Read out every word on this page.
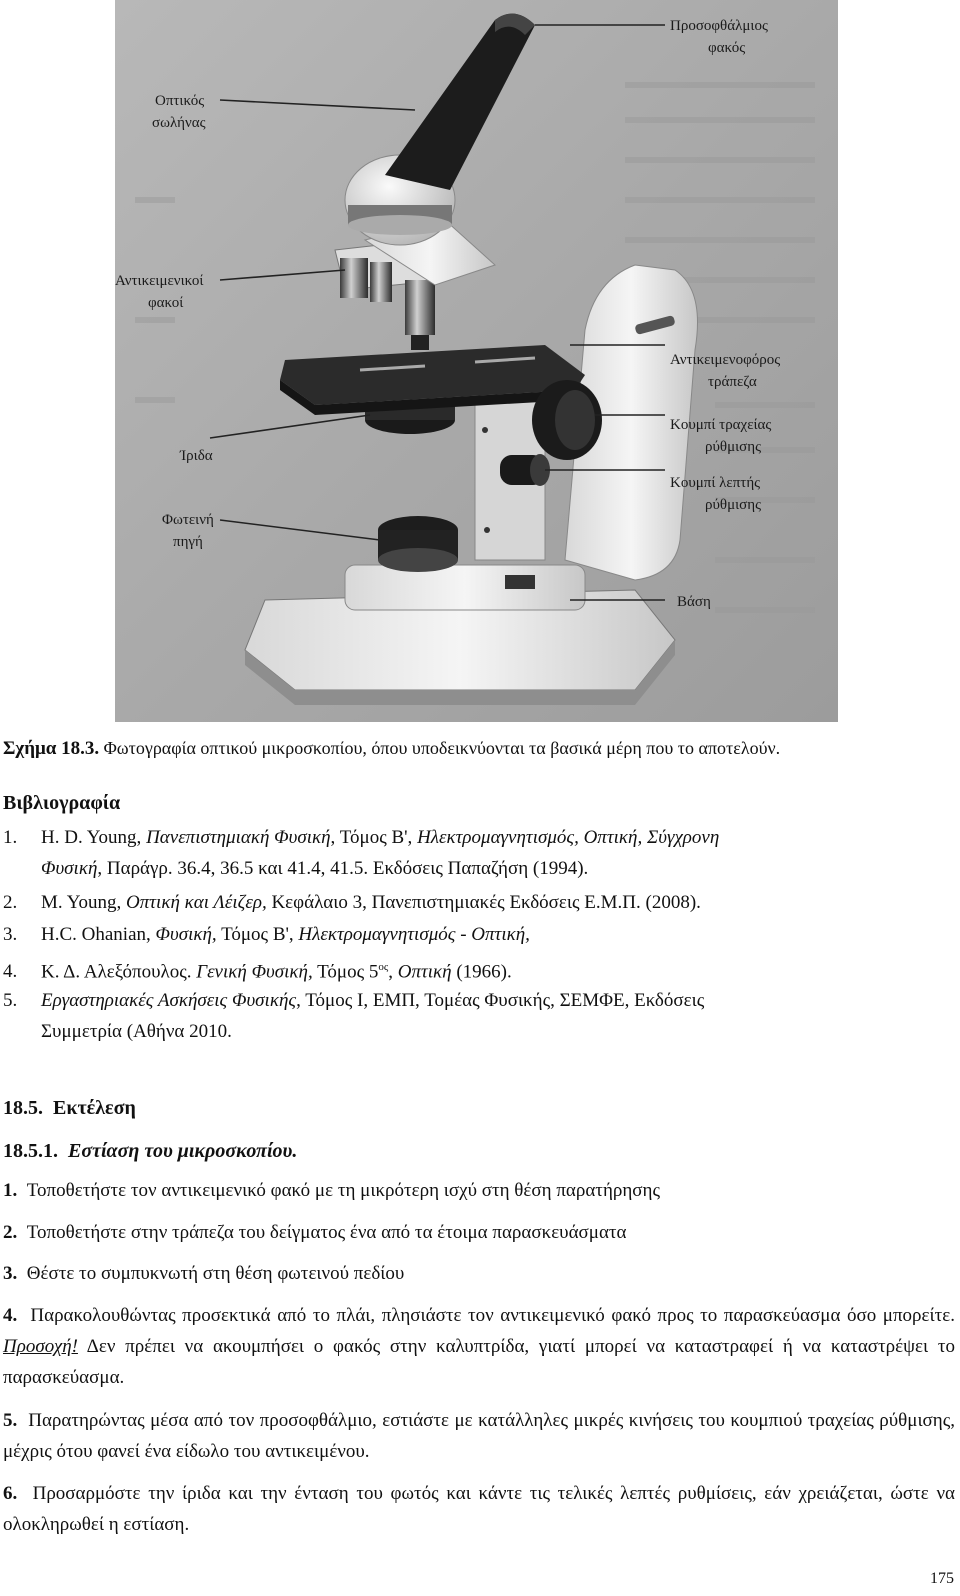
Προσοφθάλμιος φακός
Οπτικός σωλήνας
Αντικειμενικοί φακοί
Αντικειμενοφόρος τράπεζα
Κουμπί τραχείας ρύθμισης
Ίριδα
Κουμπί λεπτής ρύθμισης
Φωτεινή πηγή
Βάση
Σχήμα 18.3. Φωτογραφία οπτικού μικροσκοπίου, όπου υποδεικνύονται τα βασικά μέρη που το αποτελούν.
Βιβλιογραφία
1. H. D. Young, Πανεπιστημιακή Φυσική, Τόμος B', Ηλεκτρομαγνητισμός, Οπτική, Σύγχρονη
Φυσική, Παράγρ. 36.4, 36.5 και 41.4, 41.5. Εκδόσεις Παπαζήση (1994).
2. M. Young, Οπτική και Λέιζερ, Κεφάλαιο 3, Πανεπιστημιακές Εκδόσεις Ε.Μ.Π. (2008).
3. H.C. Ohanian, Φυσική, Τόμος Β', Ηλεκτρομαγνητισμός - Οπτική,
4. Κ. Δ. Αλεξόπουλος. Γενική Φυσική, Τόμος $5^{o\varsigma}$, Οπτική (1966).
5. Εργαστηριακές Ασκήσεις Φυσικής, Τόμος Ι, ΕΜΠ, Τομέας Φυσικής, ΣΕΜΦΕ, Εκδόσεις
Συμμετρία (Αθήνα 2010.
18.5. Εκτέλεση
18.5.1. Εστίαση του μικροσκοπίου.
1. Τοποθετήστε τον αντικειμενικό φακό με τη μικρότερη ισχύ στη θέση παρατήρησης
2. Τοποθετήστε στην τράπεζα του δείγματος ένα από τα έτοιμα παρασκευάσματα
3. Θέστε το συμπυκνωτή στη θέση φωτεινού πεδίου
4. Παρακολουθώντας προσεκτικά από το πλάι, πλησιάστε τον αντικειμενικό φακό προς το παρασκεύασμα όσο μπορείτε. Προσοχή! Δεν πρέπει να ακουμπήσει ο φακός στην καλυπτρίδα, γιατί μπορεί να καταστραφεί ή να καταστρέψει το παρασκεύασμα.
5. Παρατηρώντας μέσα από τον προσοφθάλμιο, εστιάστε με κατάλληλες μικρές κινήσεις του κουμπιού τραχείας ρύθμισης, μέχρις ότου φανεί ένα είδωλο του αντικειμένου.
6. Προσαρμόστε την ίριδα και την ένταση του φωτός και κάντε τις τελικές λεπτές ρυθμίσεις, εάν χρειάζεται, ώστε να ολοκληρωθεί η εστίαση.
175
